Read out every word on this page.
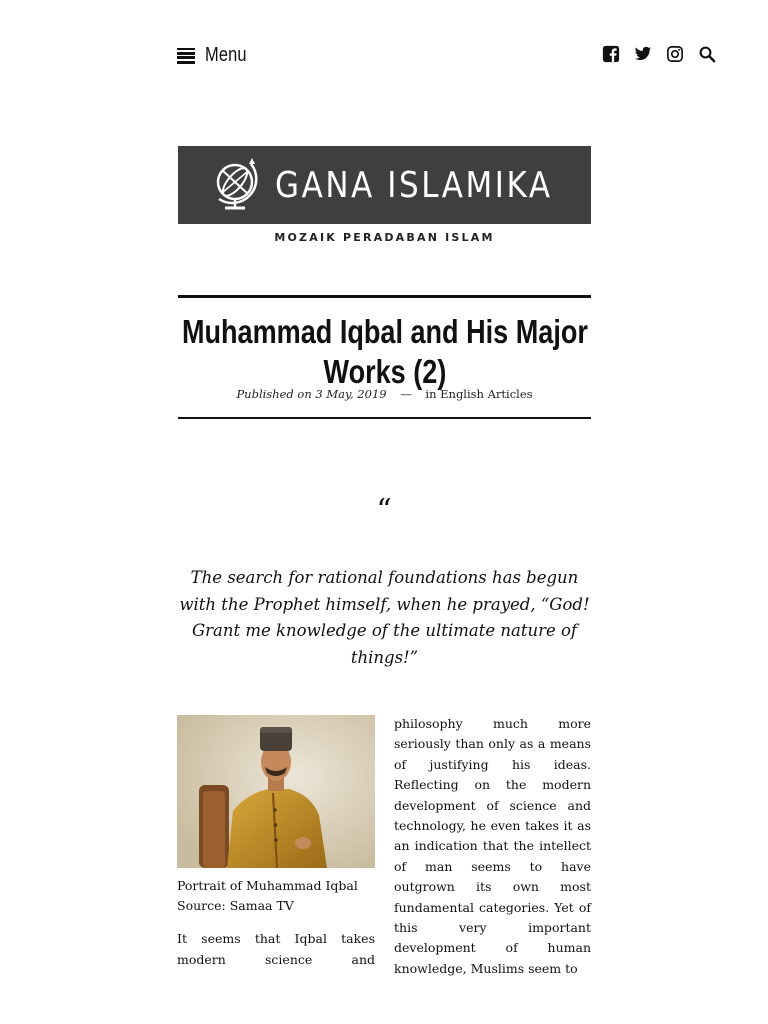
Menu
GANA ISLAMIKA
MOZAIK PERADABAN ISLAM
Muhammad Iqbal and His Major Works (2)
Published on 3 May, 2019 — in English Articles
“

The search for rational foundations has begun with the Prophet himself, when he prayed, “God! Grant me knowledge of the ultimate nature of things!”

Portrait of Muhammad Iqbal
Source: Samaa TV
It seems that Iqbal takes modern science and

philosophy much more seriously than only as a means of justifying his ideas. Reflecting on the modern development of science and technology, he even takes it as an indication that the intellect of man seems to have outgrown its own most fundamental categories. Yet of this very important development of human knowledge, Muslims seem to
